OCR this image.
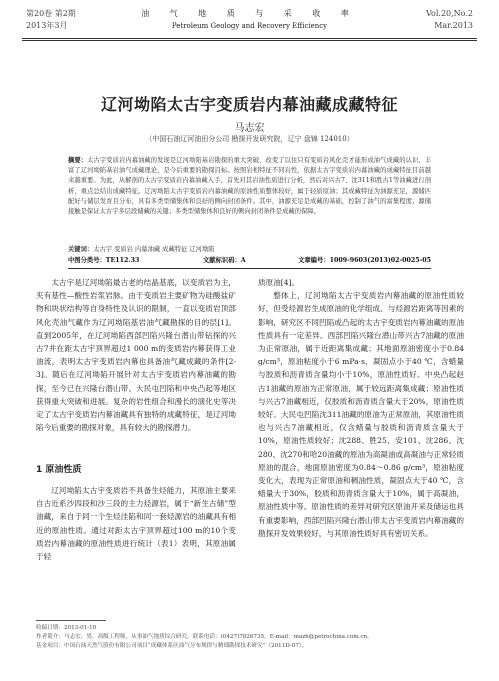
第20卷 第2期
2013年3月
油 气 地 质 与 采 收 率
Petroleum Geology and Recovery Efficiency
Vol.20,No.2
Mar.2013
辽河坳陷太古宇变质岩内幕油藏成藏特征
马志宏
（中国石油辽河油田分公司 勘探开发研究院，辽宁 盘锦 124010）
摘要：太古宇变质岩内幕油藏的发现是辽河坳陷基岩勘探的重大突破，改变了以往只有变质岩风化壳才能形成油气成藏的认识，丰富了辽河坳陷基岩油气成藏理论，是今后重要的勘探目标。按照岩相特征不同岩性，依据太古宇变质岩内幕油藏的成藏特征目前越来越重要。为此，从解剖的太古宇变质岩内幕油藏入手，首先对其岩油性质进行分析，然后对兴古7、沈311和胜古1等油藏进行剖析，重点总结出成藏特征。辽河坳陷太古宇变质岩内幕油藏的原油性质整体较好，属于轻质原油；其成藏特征为油源充足，源储匹配好与储层发育且分布，具有多类型储集体和良好的侧向封闭条件。其中，油源充足是成藏的基础，控制了油气的富集程度；源储接触是保证太古宇多层段储藏的关键；多类型储集体和良好的侧向封闭条件是成藏的保障。
关键词：太古宇 变质岩 内幕油藏 成藏特征 辽河坳陷
中图分类号：TE112.33	文献标识码：A	文章编号：1009-9603(2013)02-0025-05

太古宇是辽河坳陷最古老的结晶基底，以变质岩为主，夹有基性—酸性岩浆岩脉。由于变质岩主要矿物为硅酸盐矿物和块状结构等自身特性及认识的限制，一直以变质岩顶部风化壳油气藏作为辽河坳陷基岩油气藏勘探的目的层[1]。直到2005年，在辽河坳陷西部凹陷兴隆台潜山带钻探的兴古7井在距太古宇顶界超过1 000 m的变质岩内幕获得工业油流，表明太古宇变质岩内幕也具备油气藏成藏的条件[2-3]。随后在辽河坳陷开展针对太古宇变质岩内幕油藏的勘探，至今已在兴隆台潜山带、大民屯凹陷和中央凸起等地区获得重大突破和进展。复杂的岩性组合和漫长的演化史等决定了太古宇变质岩内幕油藏具有独特的成藏特征，是辽河坳陷今后重要的勘探对象，具有较大的勘探潜力。

1 原油性质

辽河坳陷太古宇变质岩不具备生烃能力，其原油主要来自古近系沙四段和沙三段的主力烃源岩，属于“新生古储”型油藏，来自于同一个生烃洼陷和同一套烃源岩的油藏具有相近的原油性质。通过对距太古宇顶界超过100 m的10个变质岩内幕油藏的原油性质进行统计（表1）表明，其原油属于轻

质原油[4]。

整体上，辽河坳陷太古宇变质岩内幕油藏的原油性质较好，但受烃源岩生成原油的化学组成、与烃源岩距离等因素的影响，研究区不同凹陷或凸起的太古宇变质岩内幕油藏的原油性质具有一定差异。西部凹陷兴隆台潜山带兴古7油藏的原油为正常原油，属于近距离集成藏；其地面原油密度小于0.84 g/cm³，原油粘度小于6 mPa·s，凝固点小于40 ℃，含蜡量与胶质和沥青质含量均小于10%，原油性质好。中央凸起赵古1油藏的原油为正常原油，属于较远距离集成藏；原油性质与兴古7油藏相近，仅胶质和沥青质含量大于20%，原油性质较好。大民屯凹陷沈311油藏的原油为正常原油，其原油性质也与兴古7油藏相近，仅含蜡量与胶质和沥青质含量大于10%，原油性质较好；沈288、胜25、安101、沈286、沈280、沈270和哈20油藏的原油为高凝油或高凝油与正常轻质原油的混合，地面原油密度为0.84～0.86 g/cm³，原油粘度变化大，表现为正常原油和稠油性质，凝固点大于40 ℃，含蜡量大于30%，胶质和沥青质含量大于10%，属于高凝油，原油性质中等。原油性质的差异对研究区原油开采及储运也具有重要影响，西部凹陷兴隆台潜山带太古宇变质岩内幕油藏的勘探开发效果较好，与其原油性质好具有密切关系。

收稿日期：2013-01-10
作者简介：马志宏，男，高级工程师，从事油气地质综合研究。联系电话：(0427)7826735，E-mail：mazh@petrochina.com.cn。
基金项目：中国石油天然气股份有限公司项目“成藏体系区油气分布规律与精细勘探技术研究”（2011D-07）。
